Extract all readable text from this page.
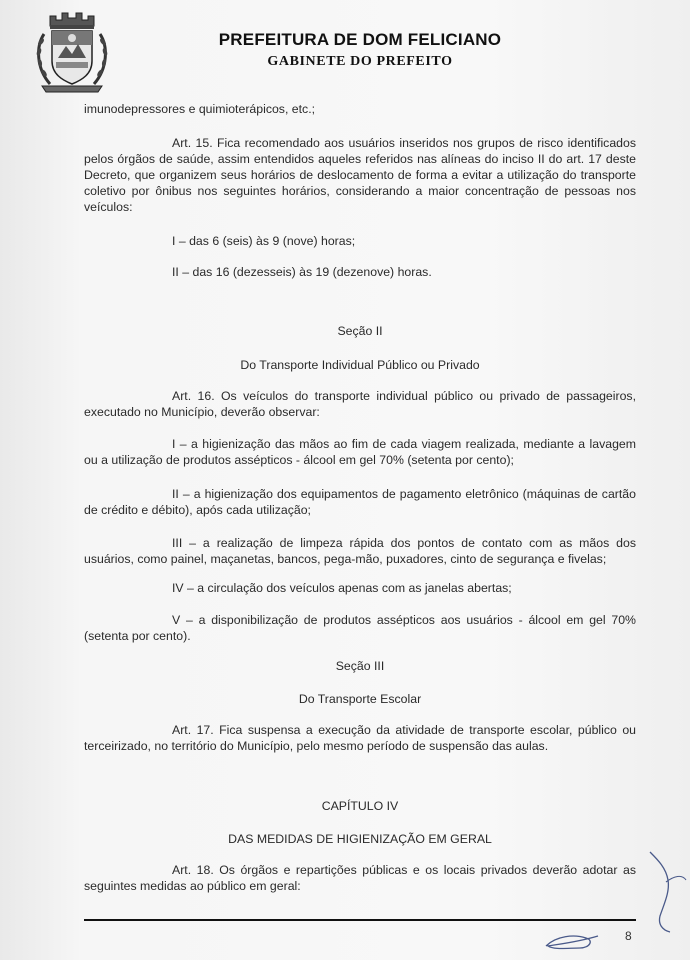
PREFEITURA DE DOM FELICIANO
GABINETE DO PREFEITO
imunodepressores e quimioterápicos, etc.;
Art. 15. Fica recomendado aos usuários inseridos nos grupos de risco identificados pelos órgãos de saúde, assim entendidos aqueles referidos nas alíneas do inciso II do art. 17 deste Decreto, que organizem seus horários de deslocamento de forma a evitar a utilização do transporte coletivo por ônibus nos seguintes horários, considerando a maior concentração de pessoas nos veículos:
I – das 6 (seis) às 9 (nove) horas;
II – das 16 (dezesseis) às 19 (dezenove) horas.
Seção II
Do Transporte Individual Público ou Privado
Art. 16. Os veículos do transporte individual público ou privado de passageiros, executado no Município, deverão observar:
I – a higienização das mãos ao fim de cada viagem realizada, mediante a lavagem ou a utilização de produtos assépticos - álcool em gel 70% (setenta por cento);
II – a higienização dos equipamentos de pagamento eletrônico (máquinas de cartão de crédito e débito), após cada utilização;
III – a realização de limpeza rápida dos pontos de contato com as mãos dos usuários, como painel, maçanetas, bancos, pega-mão, puxadores, cinto de segurança e fivelas;
IV – a circulação dos veículos apenas com as janelas abertas;
V – a disponibilização de produtos assépticos aos usuários - álcool em gel 70% (setenta por cento).
Seção III
Do Transporte Escolar
Art. 17. Fica suspensa a execução da atividade de transporte escolar, público ou terceirizado, no território do Município, pelo mesmo período de suspensão das aulas.
CAPÍTULO IV
DAS MEDIDAS DE HIGIENIZAÇÃO EM GERAL
Art. 18. Os órgãos e repartições públicas e os locais privados deverão adotar as seguintes medidas ao público em geral:
8
